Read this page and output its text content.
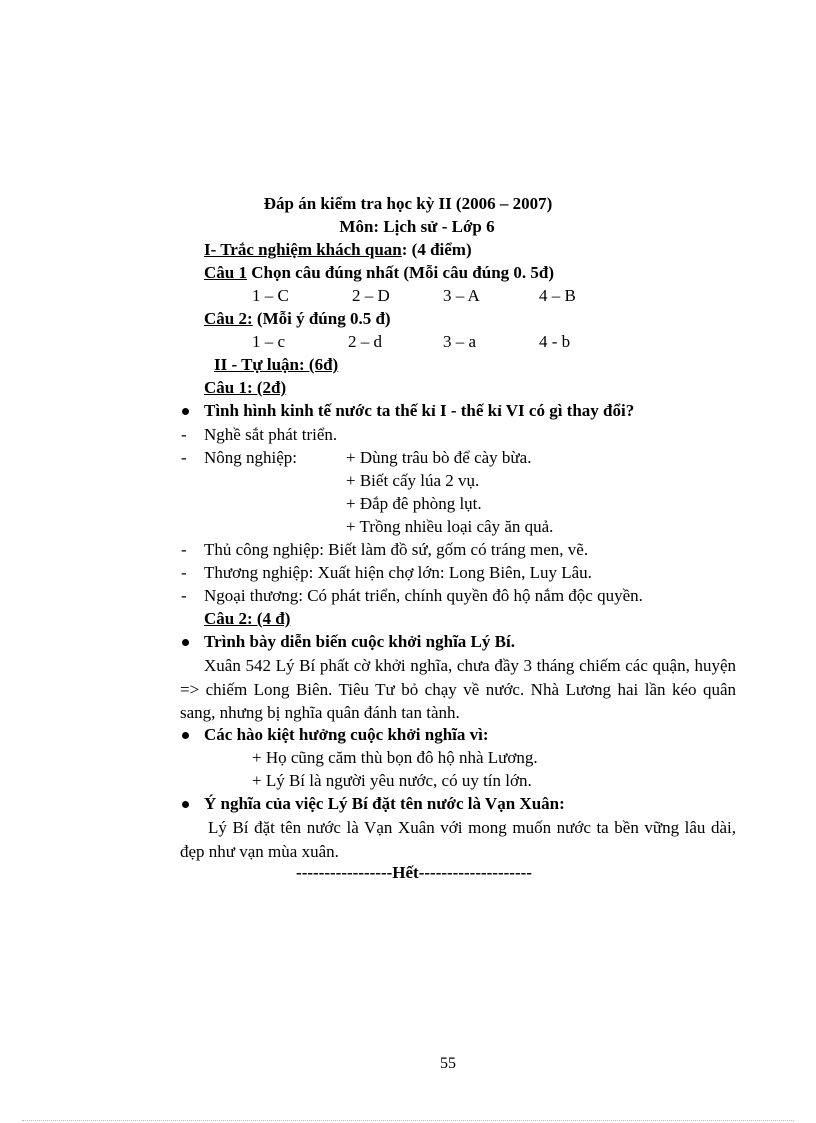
Đáp án kiểm tra học kỳ II (2006 – 2007)
Môn: Lịch sử - Lớp 6
I- Trắc nghiệm khách quan: (4 điểm)
Câu 1 Chọn câu đúng nhất (Mỗi câu đúng 0. 5đ)
1 – C	2 – D	3 – A	4 – B
Câu 2: (Mỗi ý đúng 0.5 đ)
1 – c	2 – d	3 – a	4 - b
II - Tự luận: (6đ)
Câu 1: (2đ)
Tình hình kinh tế nước ta thế kỉ I - thế kỉ VI có gì thay đổi?
- Nghề sắt phát triển.
- Nông nghiệp:	+ Dùng trâu bò để cày bừa.
+ Biết cấy lúa 2 vụ.
+ Đắp đê phòng lụt.
+ Trồng nhiều loại cây ăn quả.
- Thủ công nghiệp: Biết làm đồ sứ, gốm có tráng men, vẽ.
- Thương nghiệp: Xuất hiện chợ lớn: Long Biên, Luy Lâu.
- Ngoại thương: Có phát triển, chính quyền đô hộ nắm độc quyền.
Câu 2: (4 đ)
Trình bày diễn biến cuộc khởi nghĩa Lý Bí.
Xuân 542 Lý Bí phất cờ khởi nghĩa, chưa đầy 3 tháng chiếm các quận, huyện => chiếm Long Biên. Tiêu Tư bỏ chạy về nước. Nhà Lương hai lần kéo quân sang, nhưng bị nghĩa quân đánh tan tành.
Các hào kiệt hưởng cuộc khởi nghĩa vì:
+ Họ cũng căm thù bọn đô hộ nhà Lương.
+ Lý Bí là người yêu nước, có uy tín lớn.
Ý nghĩa của việc Lý Bí đặt tên nước là Vạn Xuân:
Lý Bí đặt tên nước là Vạn Xuân với mong muốn nước ta bền vững lâu dài, đẹp như vạn mùa xuân.
-----------------Hết--------------------
55
